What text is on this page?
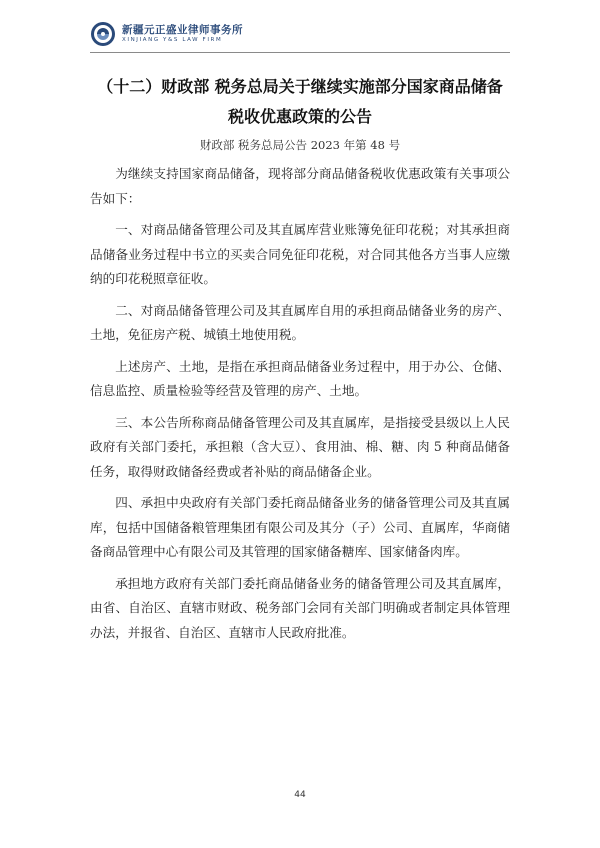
新疆元正盛业律师事务所
XINJIANG Y&S LAW FIRM
（十二）财政部 税务总局关于继续实施部分国家商品储备
税收优惠政策的公告
财政部 税务总局公告 2023 年第 48 号

为继续支持国家商品储备，现将部分商品储备税收优惠政策有关事项公告如下：

一、对商品储备管理公司及其直属库营业账簿免征印花税；对其承担商品储备业务过程中书立的买卖合同免征印花税，对合同其他各方当事人应缴纳的印花税照章征收。

二、对商品储备管理公司及其直属库自用的承担商品储备业务的房产、土地，免征房产税、城镇土地使用税。

上述房产、土地，是指在承担商品储备业务过程中，用于办公、仓储、信息监控、质量检验等经营及管理的房产、土地。

三、本公告所称商品储备管理公司及其直属库，是指接受县级以上人民政府有关部门委托，承担粮（含大豆）、食用油、棉、糖、肉 5 种商品储备任务，取得财政储备经费或者补贴的商品储备企业。

四、承担中央政府有关部门委托商品储备业务的储备管理公司及其直属库，包括中国储备粮管理集团有限公司及其分（子）公司、直属库，华商储备商品管理中心有限公司及其管理的国家储备糖库、国家储备肉库。

承担地方政府有关部门委托商品储备业务的储备管理公司及其直属库，由省、自治区、直辖市财政、税务部门会同有关部门明确或者制定具体管理办法，并报省、自治区、直辖市人民政府批准。

44
